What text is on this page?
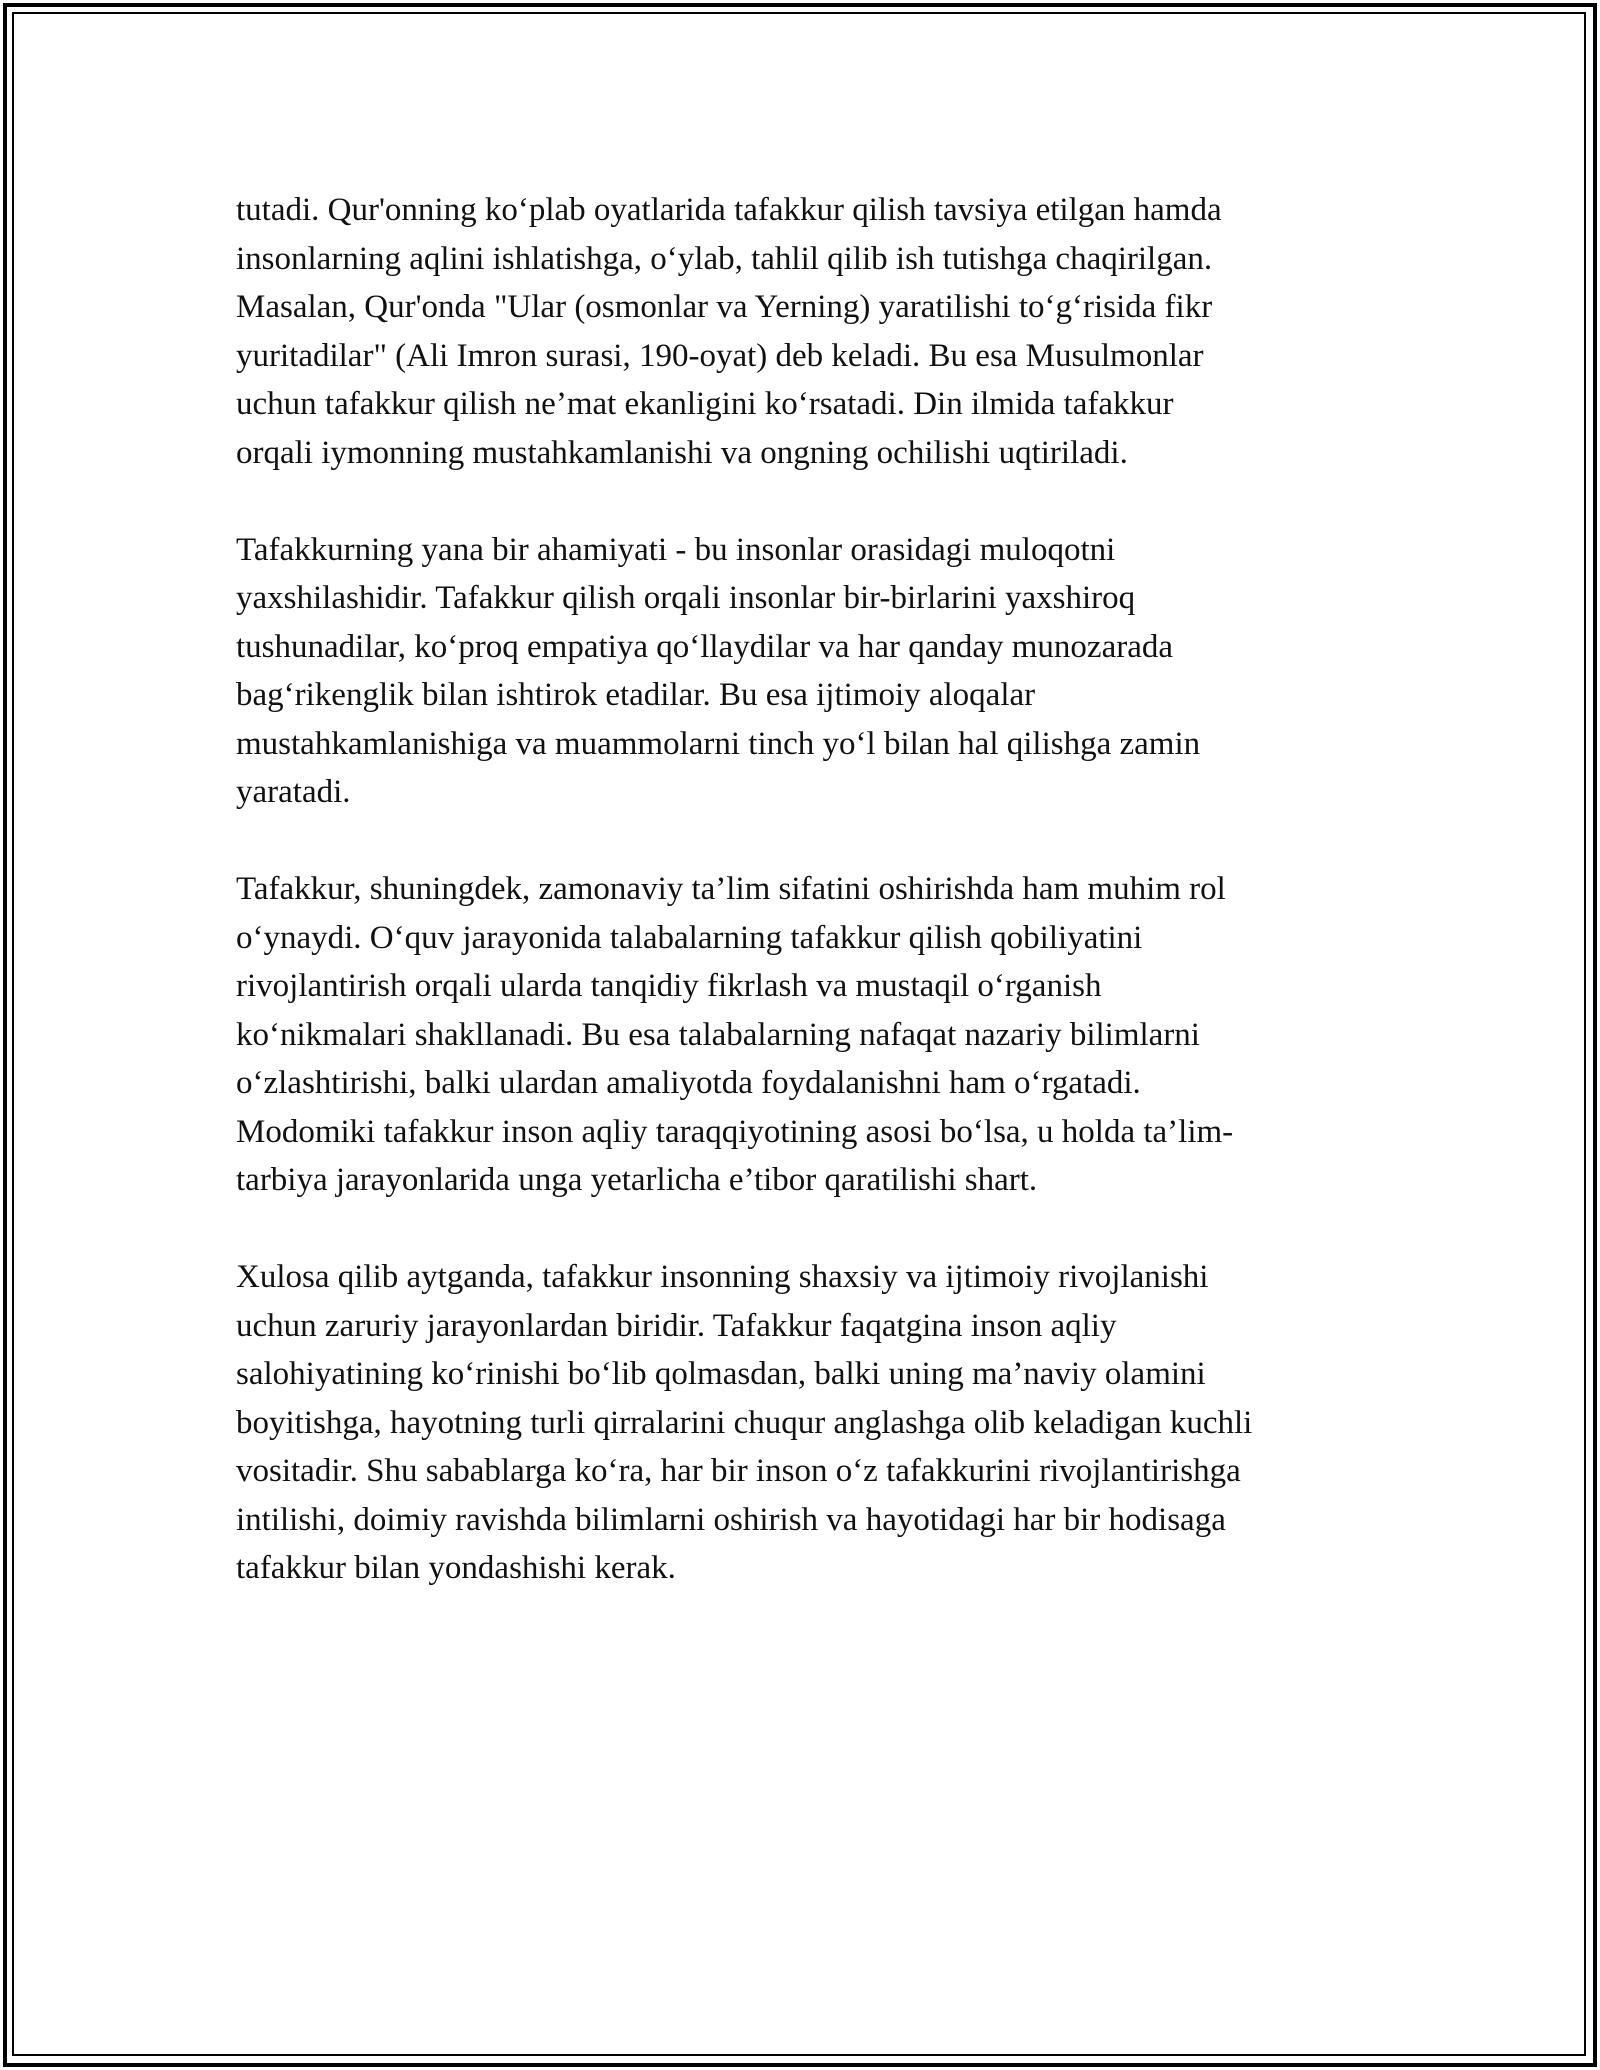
tutadi. Qur'onning ko‘plab oyatlarida tafakkur qilish tavsiya etilgan hamda
insonlarning aqlini ishlatishga, o‘ylab, tahlil qilib ish tutishga chaqirilgan.
Masalan, Qur'onda "Ular (osmonlar va Yerning) yaratilishi to‘g‘risida fikr
yuritadilar" (Ali Imron surasi, 190-oyat) deb keladi. Bu esa Musulmonlar
uchun tafakkur qilish ne’mat ekanligini ko‘rsatadi. Din ilmida tafakkur
orqali iymonning mustahkamlanishi va ongning ochilishi uqtiriladi.

Tafakkurning yana bir ahamiyati - bu insonlar orasidagi muloqotni
yaxshilashidir. Tafakkur qilish orqali insonlar bir-birlarini yaxshiroq
tushunadilar, ko‘proq empatiya qo‘llaydilar va har qanday munozarada
bag‘rikenglik bilan ishtirok etadilar. Bu esa ijtimoiy aloqalar
mustahkamlanishiga va muammolarni tinch yo‘l bilan hal qilishga zamin
yaratadi.

Tafakkur, shuningdek, zamonaviy ta’lim sifatini oshirishda ham muhim rol
o‘ynaydi. O‘quv jarayonida talabalarning tafakkur qilish qobiliyatini
rivojlantirish orqali ularda tanqidiy fikrlash va mustaqil o‘rganish
ko‘nikmalari shakllanadi. Bu esa talabalarning nafaqat nazariy bilimlarni
o‘zlashtirishi, balki ulardan amaliyotda foydalanishni ham o‘rgatadi.
Modomiki tafakkur inson aqliy taraqqiyotining asosi bo‘lsa, u holda ta’lim-
tarbiya jarayonlarida unga yetarlicha e’tibor qaratilishi shart.

Xulosa qilib aytganda, tafakkur insonning shaxsiy va ijtimoiy rivojlanishi
uchun zaruriy jarayonlardan biridir. Tafakkur faqatgina inson aqliy
salohiyatining ko‘rinishi bo‘lib qolmasdan, balki uning ma’naviy olamini
boyitishga, hayotning turli qirralarini chuqur anglashga olib keladigan kuchli
vositadir. Shu sabablarga ko‘ra, har bir inson o‘z tafakkurini rivojlantirishga
intilishi, doimiy ravishda bilimlarni oshirish va hayotidagi har bir hodisaga
tafakkur bilan yondashishi kerak.
